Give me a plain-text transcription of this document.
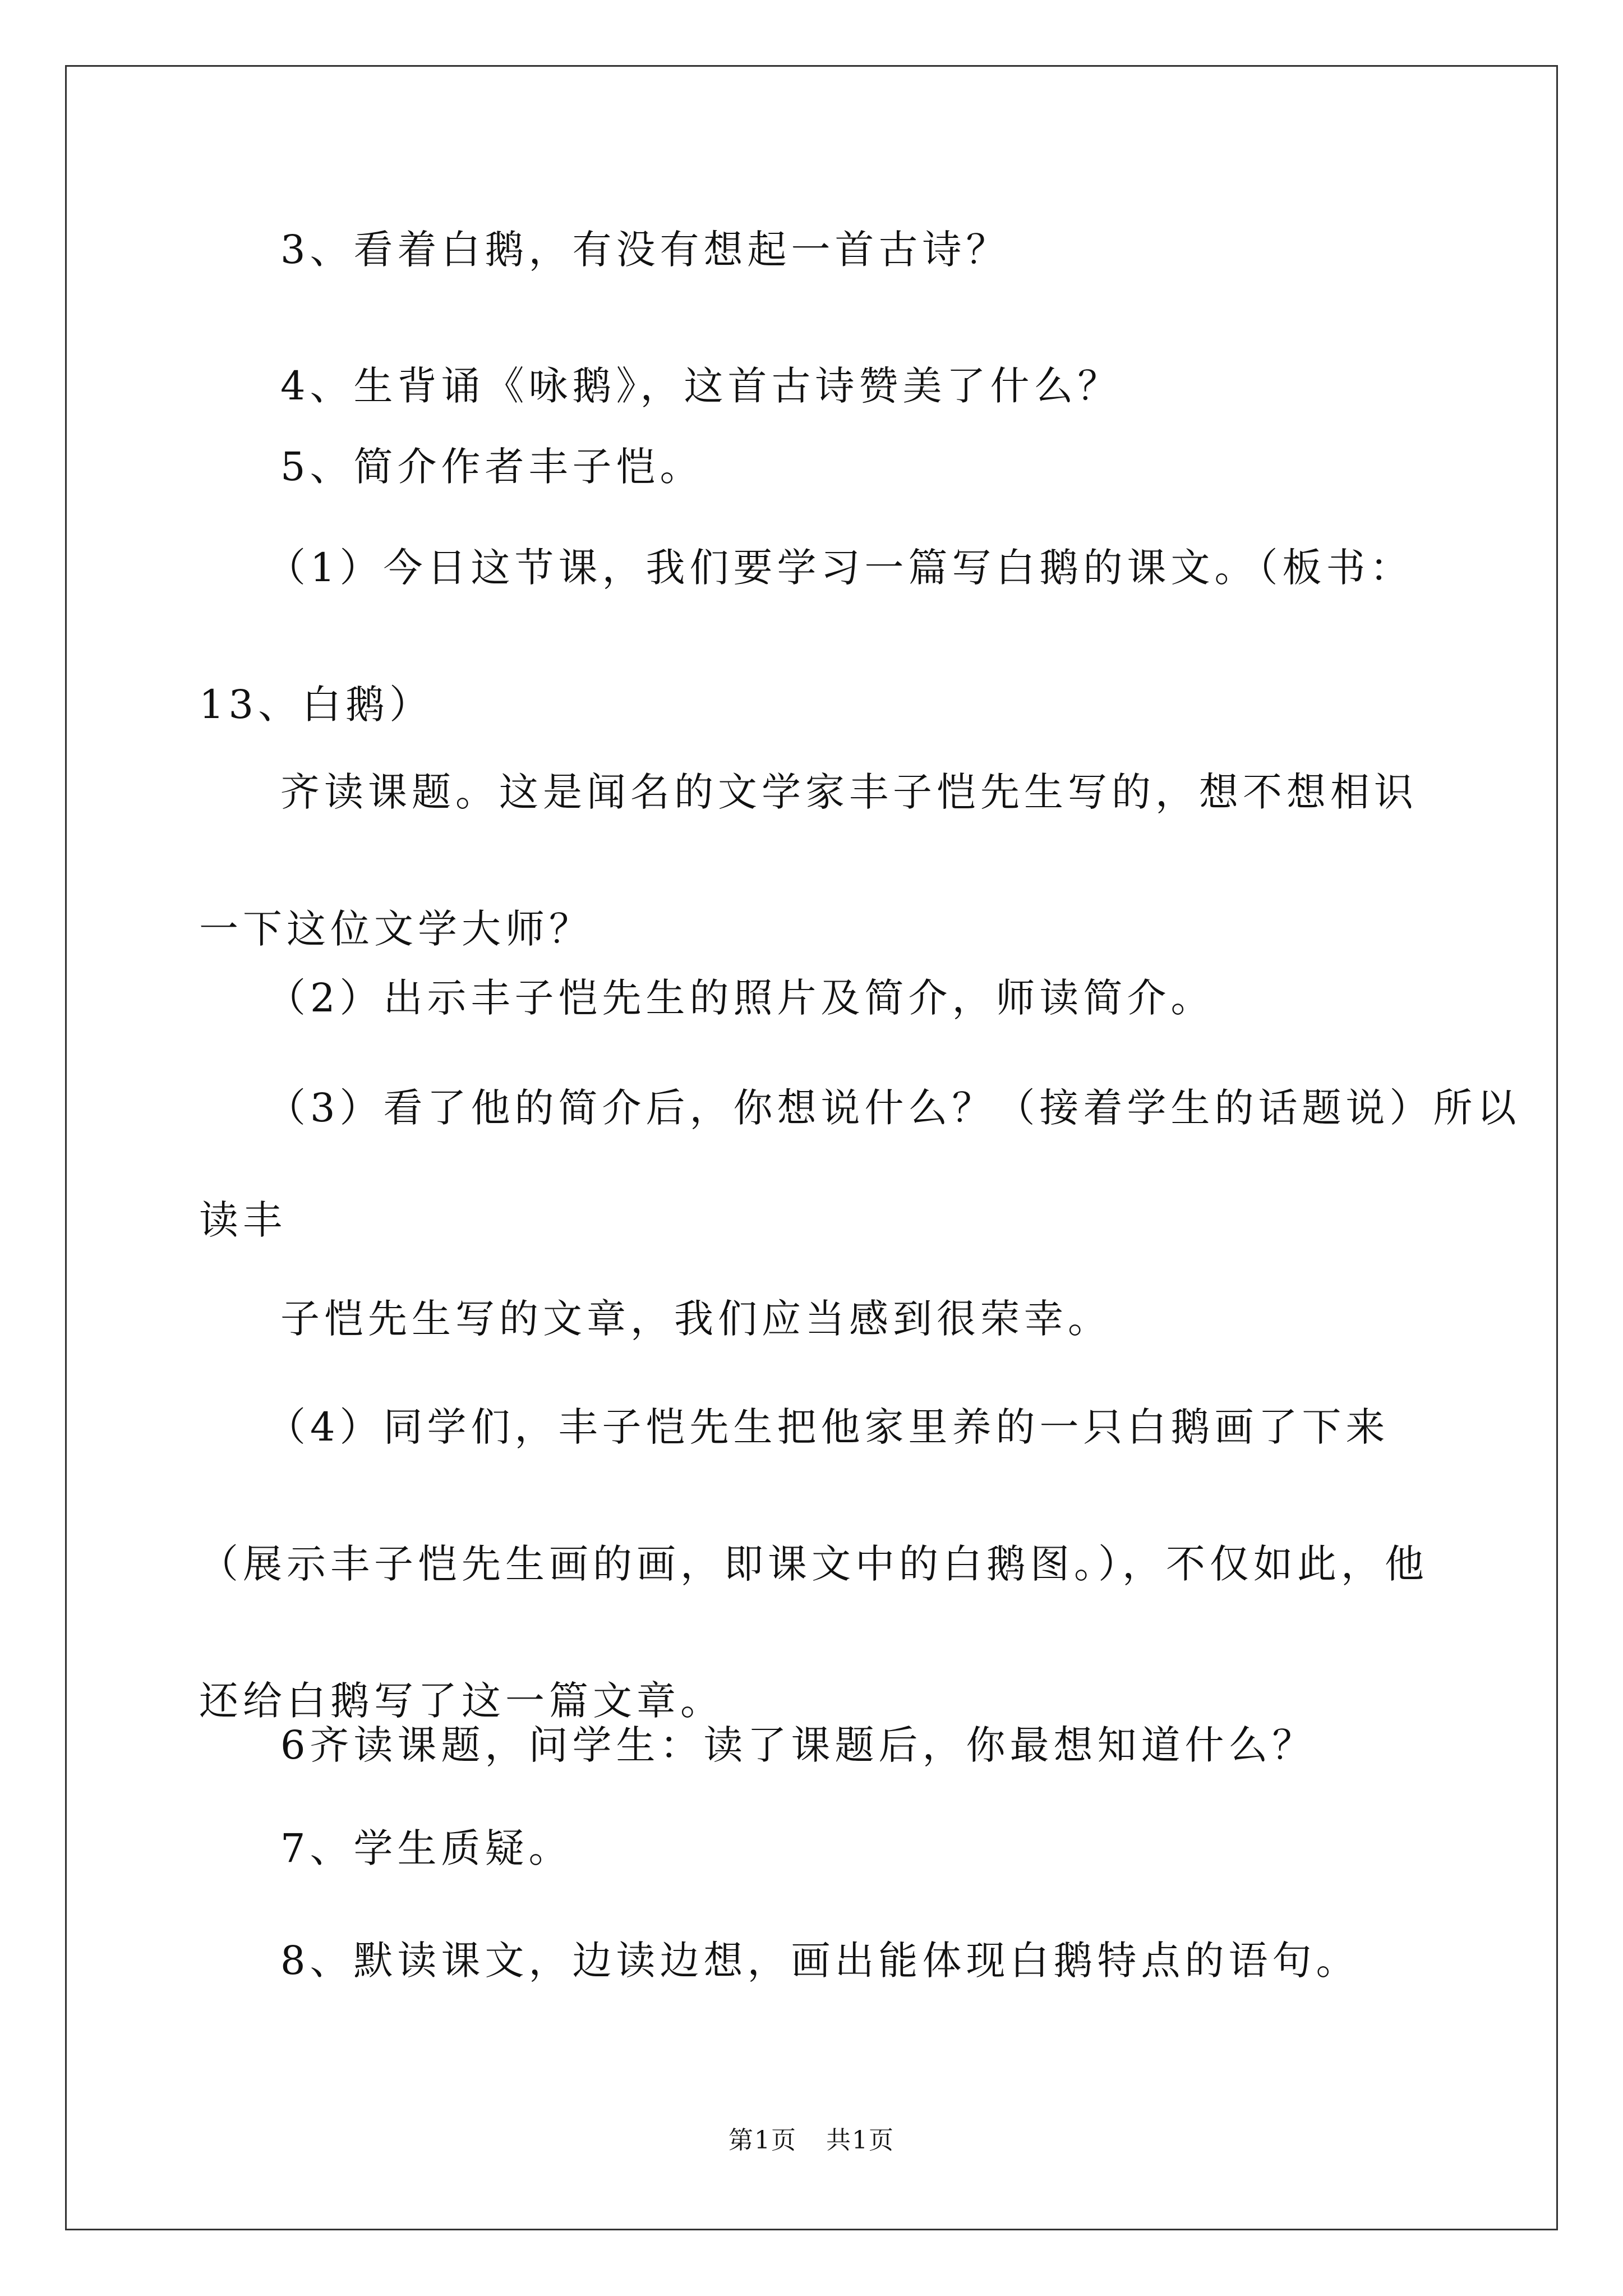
3、看着白鹅，有没有想起一首古诗？
4、生背诵《咏鹅》，这首古诗赞美了什么？
5、简介作者丰子恺。
（1）今日这节课，我们要学习一篇写白鹅的课文。（板书：13、白鹅）
齐读课题。这是闻名的文学家丰子恺先生写的，想不想相识一下这位文学大师？
（2）出示丰子恺先生的照片及简介，师读简介。
（3）看了他的简介后，你想说什么？（接着学生的话题说）所以
读丰
子恺先生写的文章，我们应当感到很荣幸。
（4）同学们，丰子恺先生把他家里养的一只白鹅画了下来（展示丰子恺先生画的画，即课文中的白鹅图。），不仅如此，他还给白鹅写了这一篇文章。
6齐读课题，问学生：读了课题后，你最想知道什么？
7、学生质疑。
8、默读课文，边读边想，画出能体现白鹅特点的语句。
第1页 共1页
